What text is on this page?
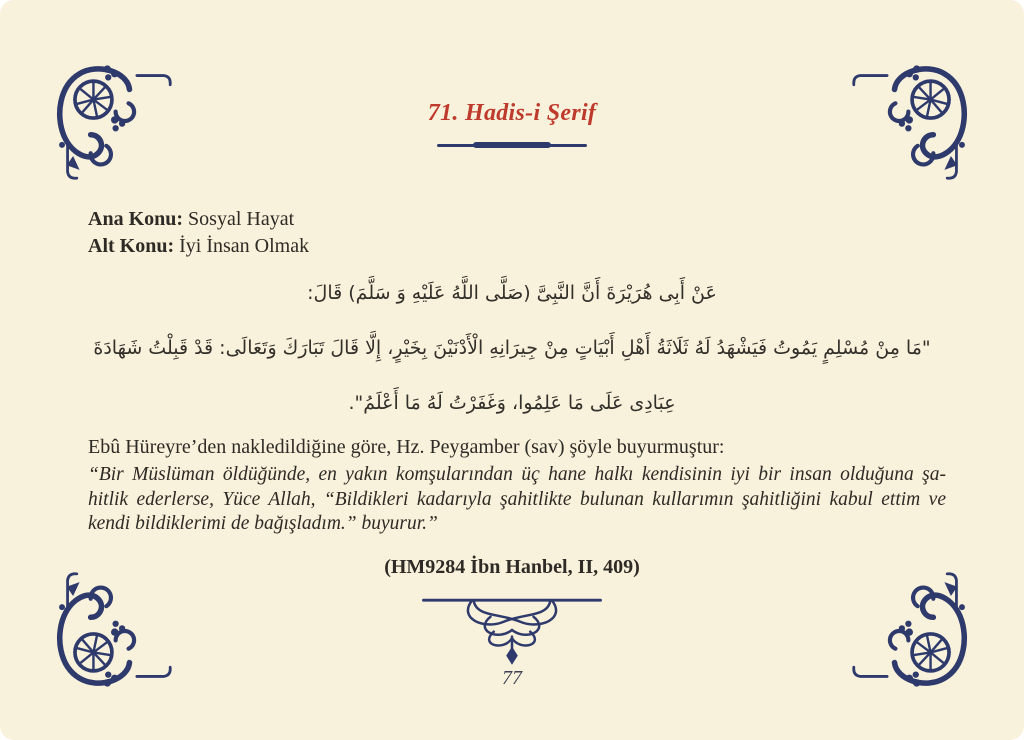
71. Hadis-i Şerif
Ana Konu: Sosyal Hayat
Alt Konu: İyi İnsan Olmak
عَنْ أَبِى هُرَيْرَةَ أَنَّ النَّبِىَّ (صَلَّى اللَّهُ عَلَيْهِ وَ سَلَّمَ) قَالَ:
"مَا مِنْ مُسْلِمٍ يَمُوتُ فَيَشْهَدُ لَهُ ثَلَاثَةُ أَهْلِ أَبْيَاتٍ مِنْ جِيرَانِهِ الْأَدْنَيْنَ بِخَيْرٍ، إِلَّا قَالَ تَبَارَكَ وَتَعَالَى: قَدْ قَبِلْتُ شَهَادَةَ
عِبَادِى عَلَى مَا عَلِمُوا، وَغَفَرْتُ لَهُ مَا أَعْلَمُ".
Ebû Hüreyre’den nakledildiğine göre, Hz. Peygamber (sav) şöyle buyurmuştur:
“Bir Müslüman öldüğünde, en yakın komşularından üç hane halkı kendisinin iyi bir insan olduğuna şa-
hitlik ederlerse, Yüce Allah, “Bildikleri kadarıyla şahitlikte bulunan kullarımın şahitliğini kabul ettim ve
kendi bildiklerimi de bağışladım.” buyurur.”
(HM9284 İbn Hanbel, II, 409)
77
